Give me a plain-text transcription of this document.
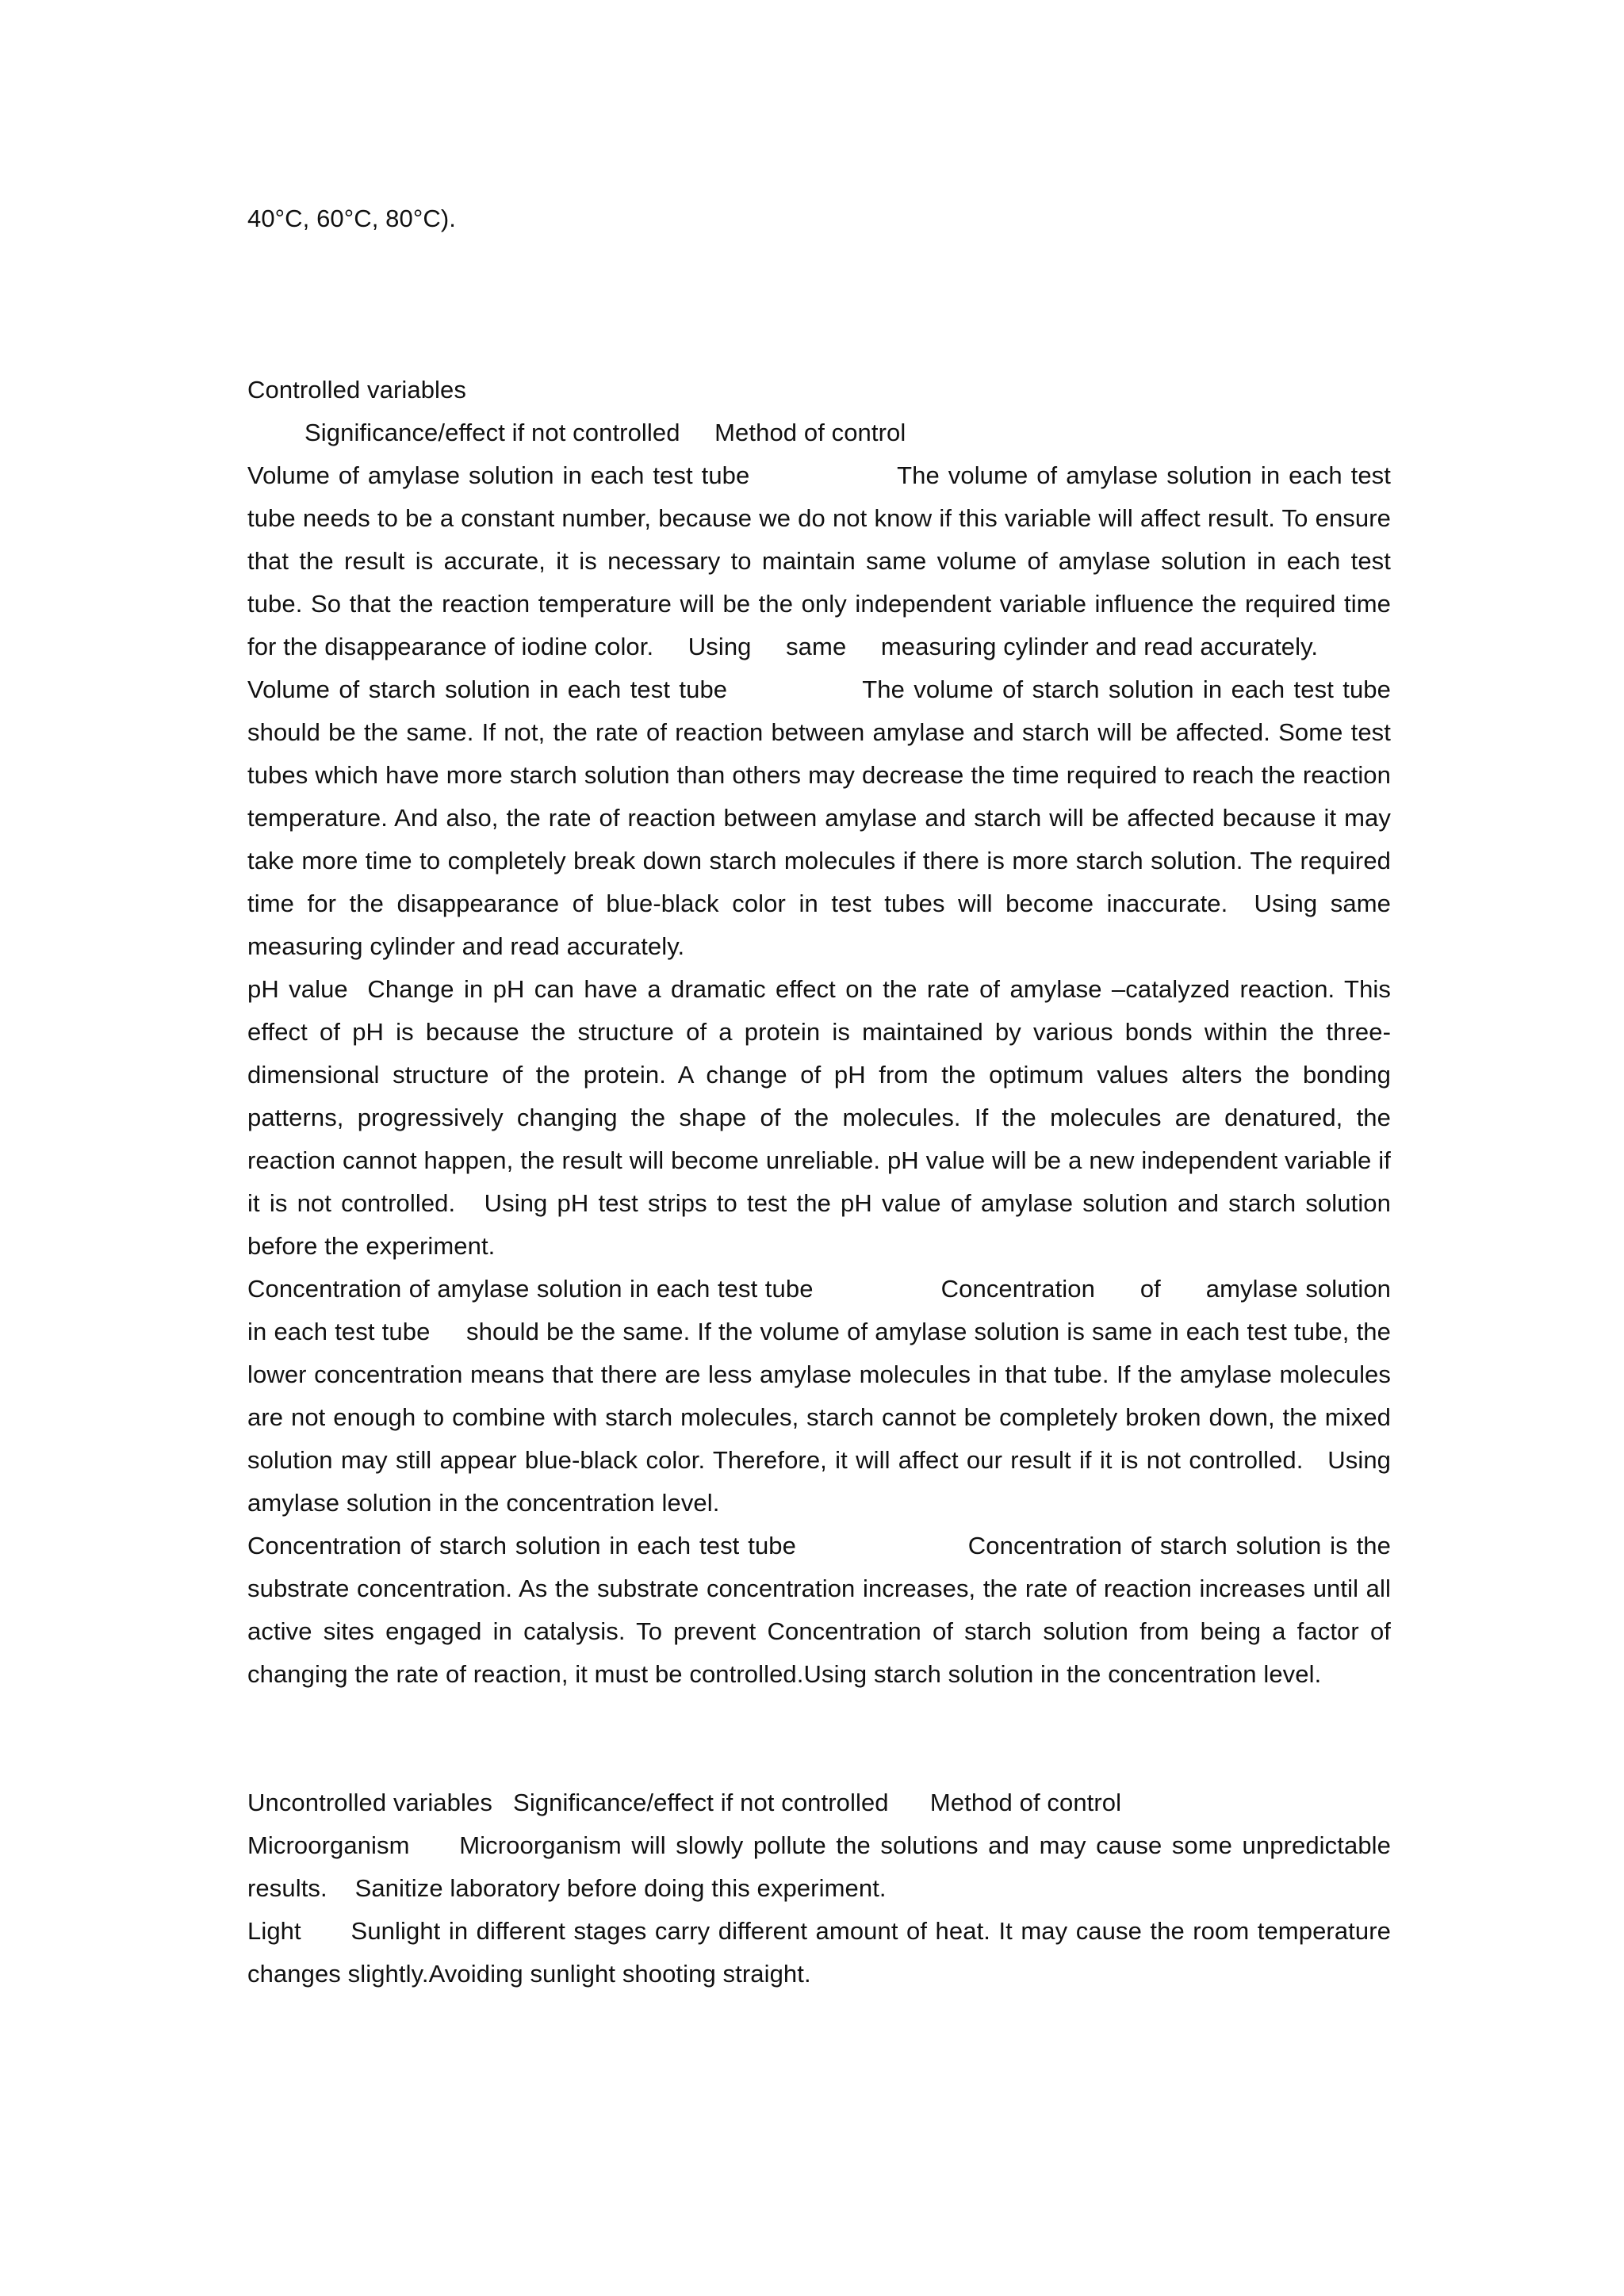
40°C, 60°C, 80°C).

Controlled variables

Significance/effect if not controlled     Method of control

Volume of amylase solution in each test tube                 The volume of amylase solution in each test tube needs to be a constant number, because we do not know if this variable will affect result. To ensure that the result is accurate, it is necessary to maintain same volume of amylase solution in each test tube. So that the reaction temperature will be the only independent variable influence the required time for the disappearance of iodine color.     Using     same     measuring cylinder and read accurately.

Volume of starch solution in each test tube               The volume of starch solution in each test tube should be the same. If not, the rate of reaction between amylase and starch will be affected. Some test tubes which have more starch solution than others may decrease the time required to reach the reaction temperature. And also, the rate of reaction between amylase and starch will be affected because it may take more time to completely break down starch molecules if there is more starch solution. The required time for the disappearance of blue-black color in test tubes will become inaccurate.  Using same measuring cylinder and read accurately.

pH value  Change in pH can have a dramatic effect on the rate of amylase –catalyzed reaction. This effect of pH is because the structure of a protein is maintained by various bonds within the three-dimensional structure of the protein. A change of pH from the optimum values alters the bonding patterns, progressively changing the shape of the molecules. If the molecules are denatured, the reaction cannot happen, the result will become unreliable. pH value will be a new independent variable if it is not controlled.   Using pH test strips to test the pH value of amylase solution and starch solution before the experiment.

Concentration of amylase solution in each test tube                 Concentration      of      amylase solution in each test tube     should be the same. If the volume of amylase solution is same in each test tube, the lower concentration means that there are less amylase molecules in that tube. If the amylase molecules are not enough to combine with starch molecules, starch cannot be completely broken down, the mixed solution may still appear blue-black color. Therefore, it will affect our result if it is not controlled.   Using amylase solution in the concentration level.

Concentration of starch solution in each test tube                    Concentration of starch solution is the substrate concentration. As the substrate concentration increases, the rate of reaction increases until all active sites engaged in catalysis. To prevent Concentration of starch solution from being a factor of changing the rate of reaction, it must be controlled.Using starch solution in the concentration level.

Uncontrolled variables   Significance/effect if not controlled      Method of control

Microorganism     Microorganism will slowly pollute the solutions and may cause some unpredictable results.    Sanitize laboratory before doing this experiment.

Light      Sunlight in different stages carry different amount of heat. It may cause the room temperature changes slightly.Avoiding sunlight shooting straight.
